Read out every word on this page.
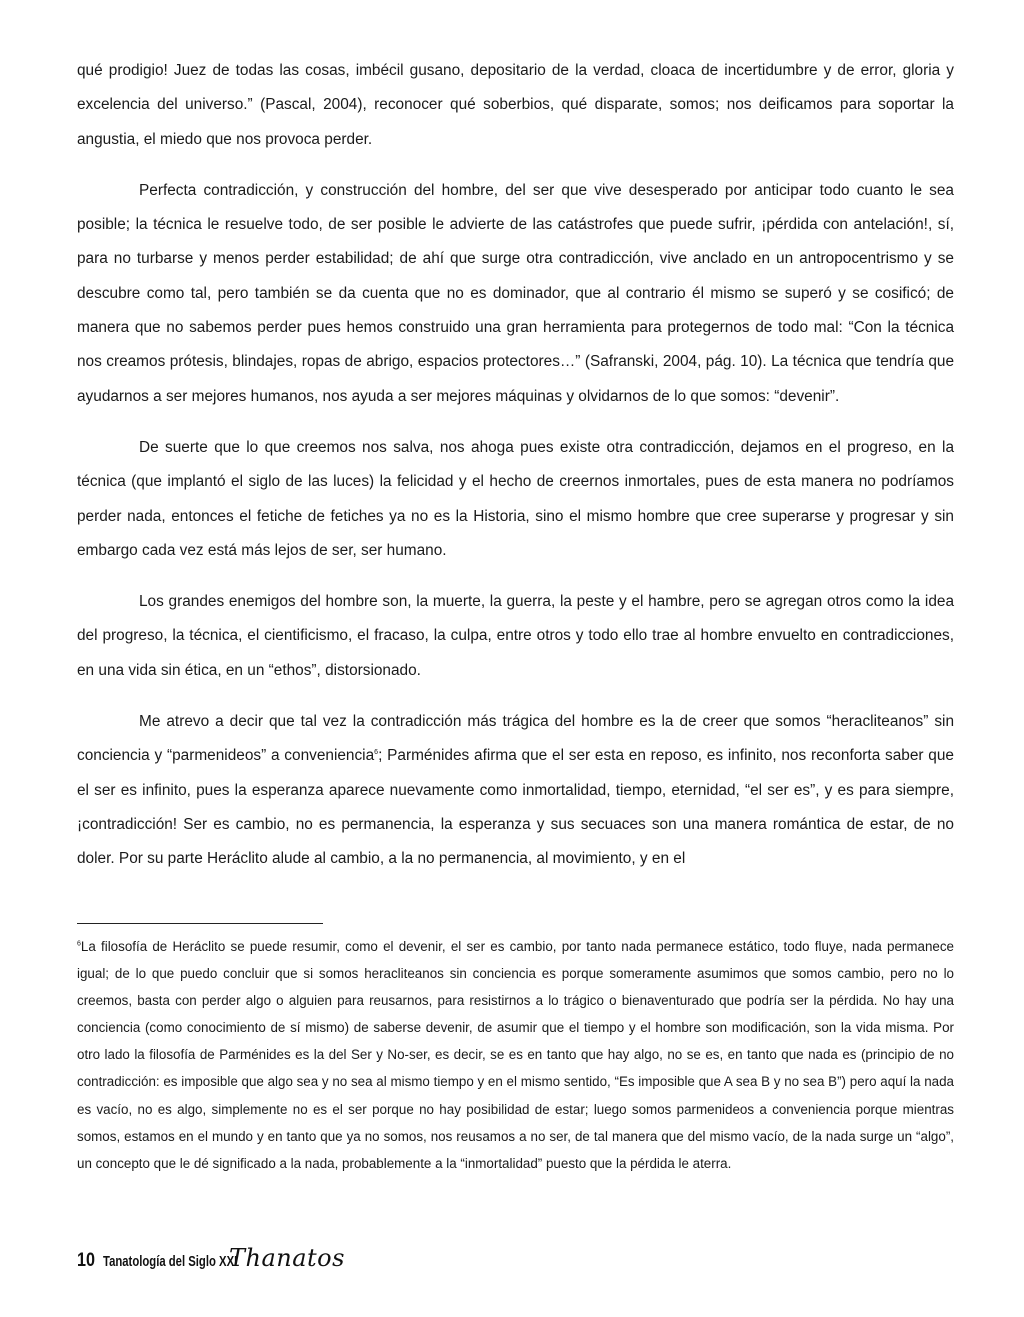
qué prodigio! Juez de todas las cosas, imbécil gusano, depositario de la verdad, cloaca de incertidumbre y de error, gloria y excelencia del universo.” (Pascal, 2004), reconocer qué soberbios, qué disparate, somos; nos deificamos para soportar la angustia, el miedo que nos provoca perder.

Perfecta contradicción, y construcción del hombre, del ser que vive desesperado por anticipar todo cuanto le sea posible; la técnica le resuelve todo, de ser posible le advierte de las catástrofes que puede sufrir, ¡pérdida con antelación!, sí, para no turbarse y menos perder estabilidad; de ahí que surge otra contradicción, vive anclado en un antropocentrismo y se descubre como tal, pero también se da cuenta que no es dominador, que al contrario él mismo se superó y se cosificó; de manera que no sabemos perder pues hemos construido una gran herramienta para protegernos de todo mal: “Con la técnica nos creamos prótesis, blindajes, ropas de abrigo, espacios protectores…” (Safranski, 2004, pág. 10). La técnica que tendría que ayudarnos a ser mejores humanos, nos ayuda a ser mejores máquinas y olvidarnos de lo que somos: “devenir”.

De suerte que lo que creemos nos salva, nos ahoga pues existe otra contradicción, dejamos en el progreso, en la técnica (que implantó el siglo de las luces) la felicidad y el hecho de creernos inmortales, pues de esta manera no podríamos perder nada, entonces el fetiche de fetiches ya no es la Historia, sino el mismo hombre que cree superarse y progresar y sin embargo cada vez está más lejos de ser, ser humano.

Los grandes enemigos del hombre son, la muerte, la guerra, la peste y el hambre, pero se agregan otros como la idea del progreso, la técnica, el cientificismo, el fracaso, la culpa, entre otros y todo ello trae al hombre envuelto en contradicciones, en una vida sin ética, en un “ethos”, distorsionado.

Me atrevo a decir que tal vez la contradicción más trágica del hombre es la de creer que somos “heracliteanos” sin conciencia y “parmenideos” a conveniencia$^6$; Parménides afirma que el ser esta en reposo, es infinito, nos reconforta saber que el ser es infinito, pues la esperanza aparece nuevamente como inmortalidad, tiempo, eternidad, “el ser es”, y es para siempre, ¡contradicción! Ser es cambio, no es permanencia, la esperanza y sus secuaces son una manera romántica de estar, de no doler. Por su parte Heráclito alude al cambio, a la no permanencia, al movimiento, y en el

$^6$La filosofía de Heráclito se puede resumir, como el devenir, el ser es cambio, por tanto nada permanece estático, todo fluye, nada permanece igual; de lo que puedo concluir que si somos heracliteanos sin conciencia es porque someramente asumimos que somos cambio, pero no lo creemos, basta con perder algo o alguien para reusarnos, para resistirnos a lo trágico o bienaventurado que podría ser la pérdida. No hay una conciencia (como conocimiento de sí mismo) de saberse devenir, de asumir que el tiempo y el hombre son modificación, son la vida misma. Por otro lado la filosofía de Parménides es la del Ser y No-ser, es decir, se es en tanto que hay algo, no se es, en tanto que nada es (principio de no contradicción: es imposible que algo sea y no sea al mismo tiempo y en el mismo sentido, “Es imposible que A sea B y no sea B”) pero aquí la nada es vacío, no es algo, simplemente no es el ser porque no hay posibilidad de estar; luego somos parmenideos a conveniencia porque mientras somos, estamos en el mundo y en tanto que ya no somos, nos reusamos a no ser, de tal manera que del mismo vacío, de la nada surge un “algo”, un concepto que le dé significado a la nada, probablemente a la “inmortalidad” puesto que la pérdida le aterra.

10 Tanatología del Siglo XXI
Thanatos
